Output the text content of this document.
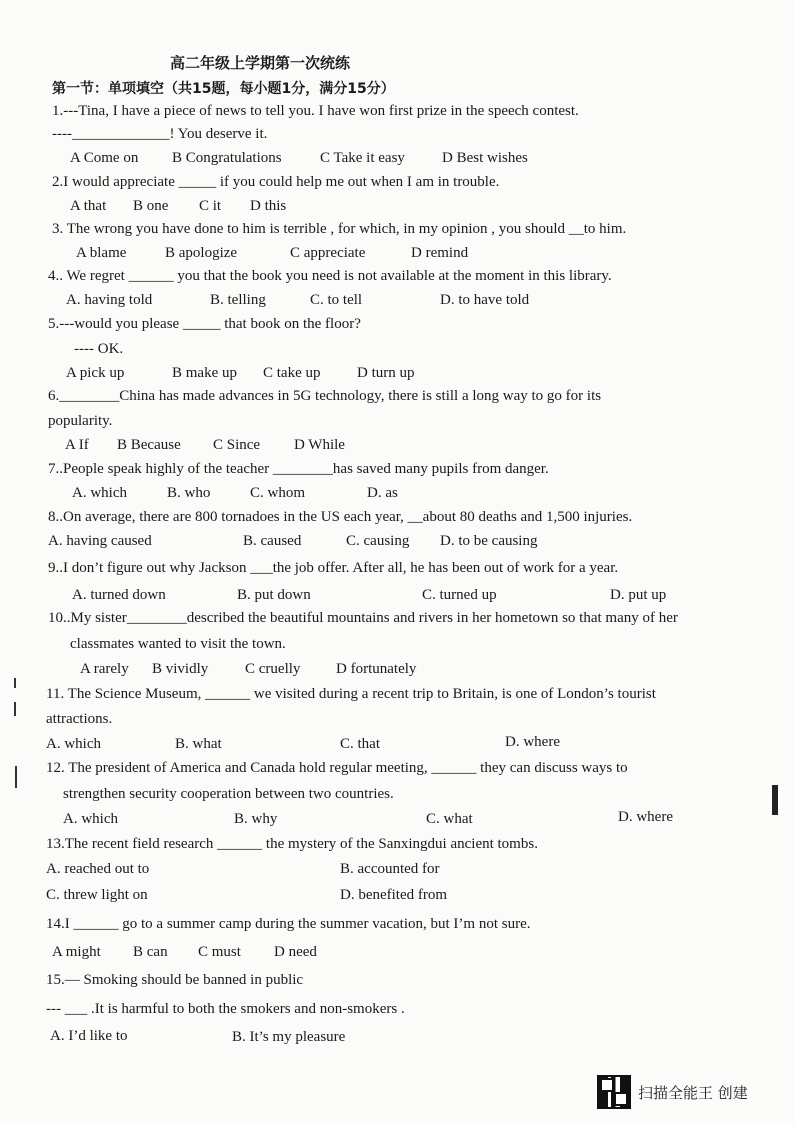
高二年级上学期第一次统练
第一节：单项填空（共15题，每小题1分，满分15分）
1.---Tina, I have a piece of news to tell you. I have won first prize in the speech contest.
----_____________! You deserve it.
A Come on B Congratulations	C Take it easy D Best wishes
2.I would appreciate _____ if you could help me out when I am in trouble.
A that B one C it D this
3. The wrong you have done to him is terrible , for which, in my opinion , you should __to him.
A blame	B apologize	C appreciate	D remind
4.. We regret ______ you that the book you need is not available at the moment in this library.
A. having told	B. telling	C. to tell	D. to have told
5.---would you please _____ that book on the floor?
---- OK.
A pick up	B make up C take up D turn up
6.________China has made advances in 5G technology, there is still a long way to go for its
popularity.
A If B Because C Since D While
7..People speak highly of the teacher ________has saved many pupils from danger.
A. which	B. who	C. whom	D. as
8..On average, there are 800 tornadoes in the US each year, __about 80 deaths and 1,500 injuries.
A. having caused	B. caused	C. causing D. to be causing
9..I don’t figure out why Jackson ___the job offer. After all, he has been out of work for a year.
A. turned down	B. put down	C. turned up	D. put up
10..My sister________described the beautiful mountains and rivers in her hometown so that many of her
classmates wanted to visit the town.
A rarely B vividly C cruelly D fortunately
11. The Science Museum, ______ we visited during a recent trip to Britain, is one of London’s tourist
attractions.
A. which	B. what	C. that	D. where
12. The president of America and Canada hold regular meeting, ______ they can discuss ways to
strengthen security cooperation between two countries.
A. which	B. why	C. what	D. where
13.The recent field research ______ the mystery of the Sanxingdui ancient tombs.
A. reached out to	B. accounted for
C. threw light on	D. benefited from
14.I ______ go to a summer camp during the summer vacation, but I’m not sure.
A might B can C must D need
15.— Smoking should be banned in public
--- ___ .It is harmful to both the smokers and non-smokers .
A. I’d like to	B. It’s my pleasure
扫描全能王 创建
